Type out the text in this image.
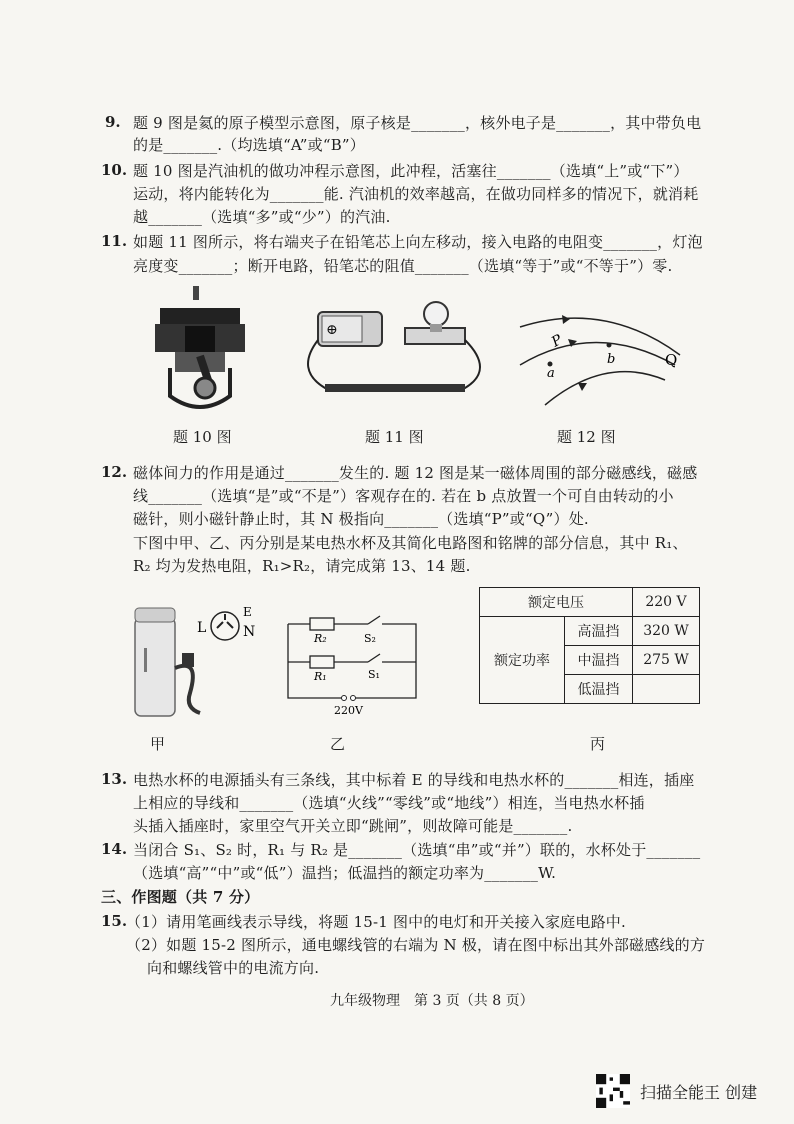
9. 题 9 图是氦的原子模型示意图，原子核是_______，核外电子是_______，其中带负电
的是_______.（均选填“A”或“B”）
10. 题 10 图是汽油机的做功冲程示意图，此冲程，活塞往_______（选填“上”或“下”）
运动，将内能转化为_______能. 汽油机的效率越高，在做功同样多的情况下，就消耗
越_______（选填“多”或“少”）的汽油.
11. 如题 11 图所示，将右端夹子在铅笔芯上向左移动，接入电路的电阻变_______，灯泡
亮度变_______；断开电路，铅笔芯的阻值_______（选填“等于”或“不等于”）零.
题 10 图
⊕
题 11 图
P
a
b	Q
题 12 图
12. 磁体间力的作用是通过_______发生的. 题 12 图是某一磁体周围的部分磁感线，磁感
线_______（选填“是”或“不是”）客观存在的. 若在 b 点放置一个可自由转动的小
磁针，则小磁针静止时，其 N 极指向_______（选填“P”或“Q”）处.
下图中甲、乙、丙分别是某电热水杯及其简化电路图和铭牌的部分信息，其中 R₁、
R₂ 均为发热电阻，R₁>R₂，请完成第 13、14 题.
L	N
E
甲
R₂	S₂
R₁	S₁
220V
乙
额定电压		220 V
额定功率	高温挡	320 W
	中温挡	275 W
	低温挡	
丙
13. 电热水杯的电源插头有三条线，其中标着 E 的导线和电热水杯的_______相连，插座
上相应的导线和_______（选填“火线”“零线”或“地线”）相连，当电热水杯插
头插入插座时，家里空气开关立即“跳闸”，则故障可能是_______.
14. 当闭合 S₁、S₂ 时，R₁ 与 R₂ 是_______（选填“串”或“并”）联的，水杯处于_______
（选填“高”“中”或“低”）温挡；低温挡的额定功率为_______W.
三、作图题（共 7 分）
15.
（1）请用笔画线表示导线，将题 15-1 图中的电灯和开关接入家庭电路中.
（2）如题 15-2 图所示，通电螺线管的右端为 N 极，请在图中标出其外部磁感线的方
向和螺线管中的电流方向.
九年级物理　第 3 页（共 8 页）
扫描全能王 创建
